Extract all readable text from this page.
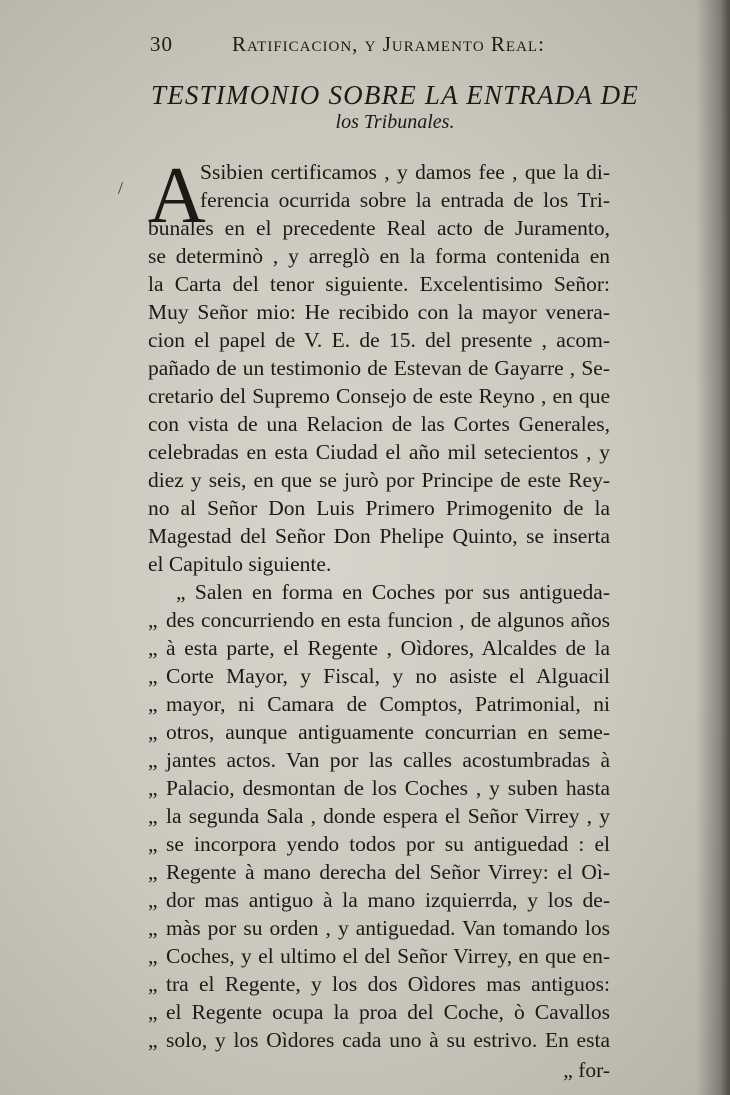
30	Ratificacion, y Juramento Real:
TESTIMONIO SOBRE LA ENTRADA DE
los Tribunales.
/ A
Ssibien certificamos , y damos fee , que la di-
ferencia ocurrida sobre la entrada de los Tri-
bunales en el precedente Real acto de Juramento,
se determinò , y arreglò en la forma contenida en
la Carta del tenor siguiente. Excelentisimo Señor:
Muy Señor mio: He recibido con la mayor venera-
cion el papel de V. E. de 15. del presente , acom-
pañado de un testimonio de Estevan de Gayarre , Se-
cretario del Supremo Consejo de este Reyno , en que
con vista de una Relacion de las Cortes Generales,
celebradas en esta Ciudad el año mil setecientos , y
diez y seis, en que se jurò por Principe de este Rey-
no al Señor Don Luis Primero Primogenito de la
Magestad del Señor Don Phelipe Quinto, se inserta
el Capitulo siguiente.
„ Salen en forma en Coches por sus antigueda-
„ des concurriendo en esta funcion , de algunos años
„ à esta parte, el Regente , Oìdores, Alcaldes de la
„ Corte Mayor, y Fiscal, y no asiste el Alguacil
„ mayor, ni Camara de Comptos, Patrimonial, ni
„ otros, aunque antiguamente concurrian en seme-
„ jantes actos. Van por las calles acostumbradas à
„ Palacio, desmontan de los Coches , y suben hasta
„ la segunda Sala , donde espera el Señor Virrey , y
„ se incorpora yendo todos por su antiguedad : el
„ Regente à mano derecha del Señor Virrey: el Oì-
„ dor mas antiguo à la mano izquierrda, y los de-
„ màs por su orden , y antiguedad. Van tomando los
„ Coches, y el ultimo el del Señor Virrey, en que en-
„ tra el Regente, y los dos Oìdores mas antiguos:
„ el Regente ocupa la proa del Coche, ò Cavallos
„ solo, y los Oìdores cada uno à su estrivo. En esta
„ for-
